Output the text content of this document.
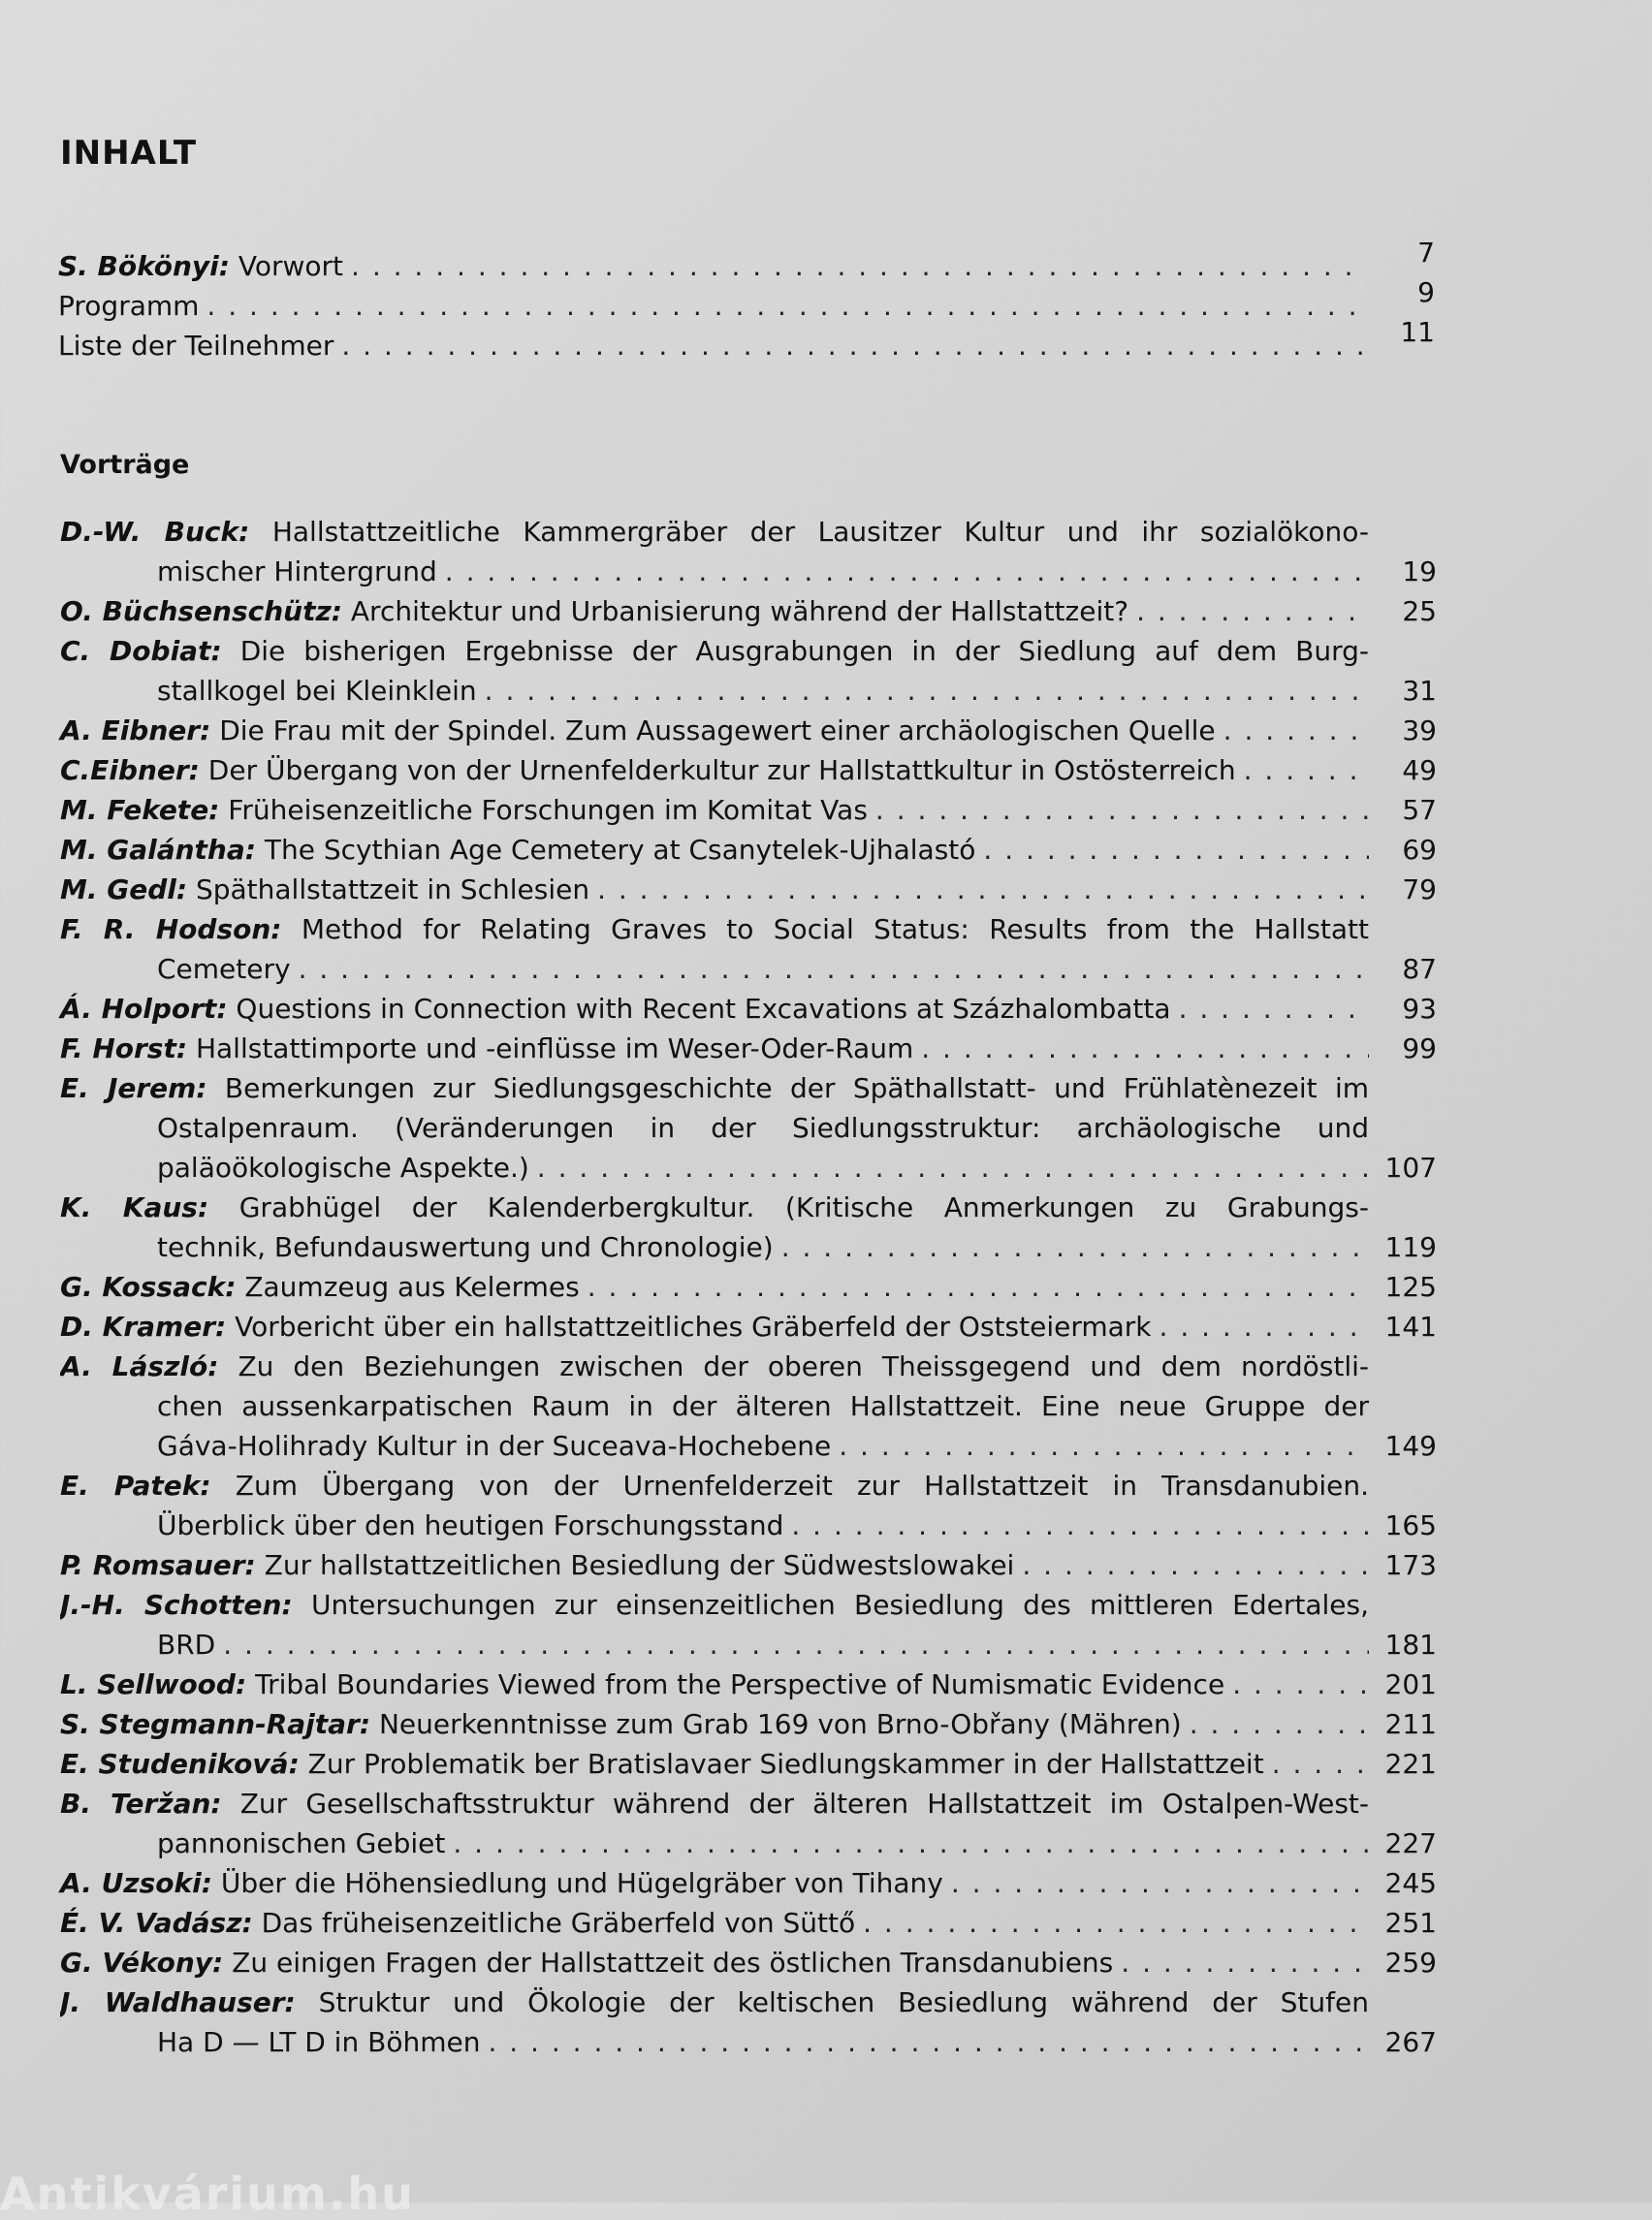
INHALT
S. Bökönyi: Vorwort . . .	7
Programm . . .	9
Liste der Teilnehmer . . .	11
Vorträge
D.-W. Buck: Hallstattzeitliche Kammergräber der Lausitzer Kultur und ihr sozialökono-
mischer Hintergrund . . .	19
O. Büchsenschütz: Architektur und Urbanisierung während der Hallstattzeit? . . .	25
C. Dobiat: Die bisherigen Ergebnisse der Ausgrabungen in der Siedlung auf dem Burg-
stallkogel bei Kleinklein . . .	31
A. Eibner: Die Frau mit der Spindel. Zum Aussagewert einer archäologischen Quelle . . .	39
C.Eibner: Der Übergang von der Urnenfelderkultur zur Hallstattkultur in Ostösterreich . . .	49
M. Fekete: Früheisenzeitliche Forschungen im Komitat Vas . . .	57
M. Galántha: The Scythian Age Cemetery at Csanytelek-Ujhalastó . . .	69
M. Gedl: Späthallstattzeit in Schlesien . . .	79
F. R. Hodson: Method for Relating Graves to Social Status: Results from the Hallstatt
Cemetery . . .	87
Á. Holport: Questions in Connection with Recent Excavations at Százhalombatta . . .	93
F. Horst: Hallstattimporte und -einflüsse im Weser-Oder-Raum . . .	99
E. Jerem: Bemerkungen zur Siedlungsgeschichte der Späthallstatt- und Frühlatènezeit im
Ostalpenraum. (Veränderungen in der Siedlungsstruktur: archäologische und
paläoökologische Aspekte.) . . .	107
K. Kaus: Grabhügel der Kalenderbergkultur. (Kritische Anmerkungen zu Grabungs-
technik, Befundauswertung und Chronologie) . . .	119
G. Kossack: Zaumzeug aus Kelermes . . .	125
D. Kramer: Vorbericht über ein hallstattzeitliches Gräberfeld der Oststeiermark . . .	141
A. László: Zu den Beziehungen zwischen der oberen Theissgegend und dem nordöstli-
chen aussenkarpatischen Raum in der älteren Hallstattzeit. Eine neue Gruppe der
Gáva-Holihrady Kultur in der Suceava-Hochebene . . .	149
E. Patek: Zum Übergang von der Urnenfelderzeit zur Hallstattzeit in Transdanubien.
Überblick über den heutigen Forschungsstand . . .	165
P. Romsauer: Zur hallstattzeitlichen Besiedlung der Südwestslowakei . . .	173
J.-H. Schotten: Untersuchungen zur einsenzeitlichen Besiedlung des mittleren Edertales,
BRD . . .	181
L. Sellwood: Tribal Boundaries Viewed from the Perspective of Numismatic Evidence . . .	201
S. Stegmann-Rajtar: Neuerkenntnisse zum Grab 169 von Brno-Obřany (Mähren) . . .	211
E. Studeniková: Zur Problematik ber Bratislavaer Siedlungskammer in der Hallstattzeit . . .	221
B. Teržan: Zur Gesellschaftsstruktur während der älteren Hallstattzeit im Ostalpen-West-
pannonischen Gebiet . . .	227
A. Uzsoki: Über die Höhensiedlung und Hügelgräber von Tihany . . .	245
É. V. Vadász: Das früheisenzeitliche Gräberfeld von Süttő . . .	251
G. Vékony: Zu einigen Fragen der Hallstattzeit des östlichen Transdanubiens . . .	259
J. Waldhauser: Struktur und Ökologie der keltischen Besiedlung während der Stufen
Ha D — LT D in Böhmen . . .	267
Antikvárium.hu
